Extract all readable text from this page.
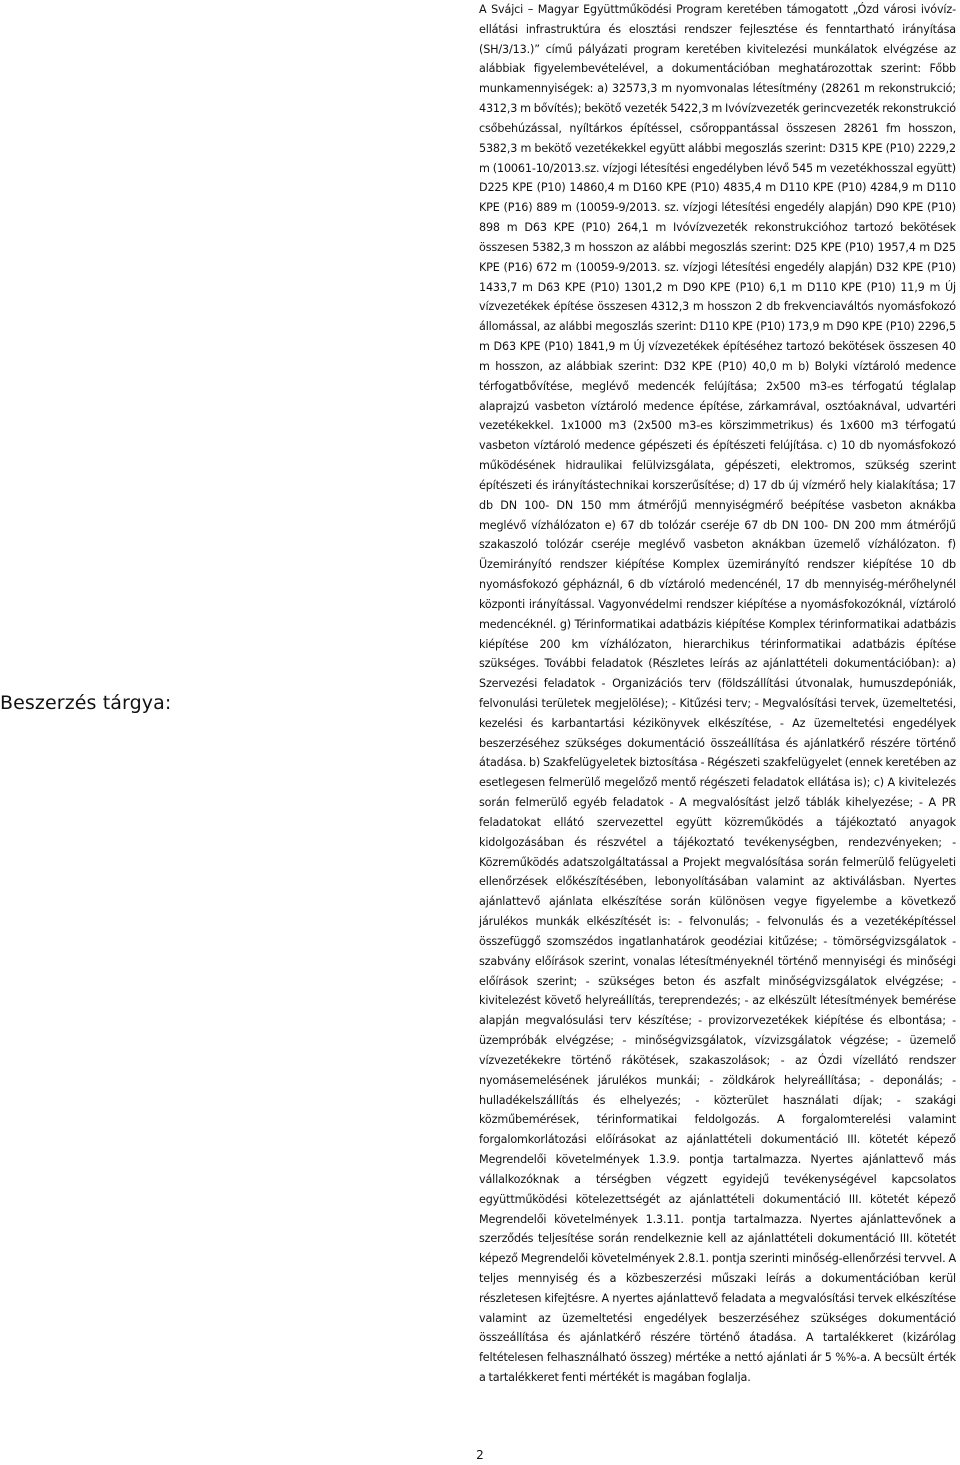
Beszerzés tárgya:

A Svájci – Magyar Együttműködési Program keretében támogatott „Ózd városi ivóvíz-ellátási infrastruktúra és elosztási rendszer fejlesztése és fenntartható irányítása (SH/3/13.)” című pályázati program keretében kivitelezési munkálatok elvégzése az alábbiak figyelembevételével, a dokumentációban meghatározottak szerint: Főbb munkamennyiségek: a) 32573,3 m nyomvonalas létesítmény (28261 m rekonstrukció; 4312,3 m bővítés); bekötő vezeték 5422,3 m Ivóvízvezeték gerincvezeték rekonstrukció csőbehúzással, nyíltárkos építéssel, csőroppantással összesen 28261 fm hosszon, 5382,3 m bekötő vezetékekkel együtt alábbi megoszlás szerint: D315 KPE (P10) 2229,2 m (10061-10/2013.sz. vízjogi létesítési engedélyben lévő 545 m vezetékhosszal együtt) D225 KPE (P10) 14860,4 m D160 KPE (P10) 4835,4 m D110 KPE (P10) 4284,9 m D110 KPE (P16) 889 m (10059-9/2013. sz. vízjogi létesítési engedély alapján) D90 KPE (P10) 898 m D63 KPE (P10) 264,1 m Ivóvízvezeték rekonstrukcióhoz tartozó bekötések összesen 5382,3 m hosszon az alábbi megoszlás szerint: D25 KPE (P10) 1957,4 m D25 KPE (P16) 672 m (10059-9/2013. sz. vízjogi létesítési engedély alapján) D32 KPE (P10) 1433,7 m D63 KPE (P10) 1301,2 m D90 KPE (P10) 6,1 m D110 KPE (P10) 11,9 m Új vízvezetékek építése összesen 4312,3 m hosszon 2 db frekvenciaváltós nyomásfokozó állomással, az alábbi megoszlás szerint: D110 KPE (P10) 173,9 m D90 KPE (P10) 2296,5 m D63 KPE (P10) 1841,9 m Új vízvezetékek építéséhez tartozó bekötések összesen 40 m hosszon, az alábbiak szerint: D32 KPE (P10) 40,0 m b) Bolyki víztároló medence térfogatbővítése, meglévő medencék felújítása; 2x500 m3-es térfogatú téglalap alaprajzú vasbeton víztároló medence építése, zárkamrával, osztóaknával, udvartéri vezetékekkel. 1x1000 m3 (2x500 m3-es körszimmetrikus) és 1x600 m3 térfogatú vasbeton víztároló medence gépészeti és építészeti felújítása. c) 10 db nyomásfokozó működésének hidraulikai felülvizsgálata, gépészeti, elektromos, szükség szerint építészeti és irányítástechnikai korszerűsítése; d) 17 db új vízmérő hely kialakítása; 17 db DN 100- DN 150 mm átmérőjű mennyiségmérő beépítése vasbeton aknákba meglévő vízhálózaton e) 67 db tolózár cseréje 67 db DN 100- DN 200 mm átmérőjű szakaszoló tolózár cseréje meglévő vasbeton aknákban üzemelő vízhálózaton. f) Üzemirányító rendszer kiépítése Komplex üzemirányító rendszer kiépítése 10 db nyomásfokozó gépháznál, 6 db víztároló medencénél, 17 db mennyiség-mérőhelynél központi irányítással. Vagyonvédelmi rendszer kiépítése a nyomásfokozóknál, víztároló medencéknél. g) Térinformatikai adatbázis kiépítése Komplex térinformatikai adatbázis kiépítése 200 km vízhálózaton, hierarchikus térinformatikai adatbázis építése szükséges. További feladatok (Részletes leírás az ajánlattételi dokumentációban): a) Szervezési feladatok - Organizációs terv (földszállítási útvonalak, humuszdepóniák, felvonulási területek megjelölése); - Kitűzési terv; - Megvalósítási tervek, üzemeltetési, kezelési és karbantartási kézikönyvek elkészítése, - Az üzemeltetési engedélyek beszerzéséhez szükséges dokumentáció összeállítása és ajánlatkérő részére történő átadása. b) Szakfelügyeletek biztosítása - Régészeti szakfelügyelet (ennek keretében az esetlegesen felmerülő megelőző mentő régészeti feladatok ellátása is); c) A kivitelezés során felmerülő egyéb feladatok - A megvalósítást jelző táblák kihelyezése; - A PR feladatokat ellátó szervezettel együtt közreműködés a tájékoztató anyagok kidolgozásában és részvétel a tájékoztató tevékenységben, rendezvényeken; - Közreműködés adatszolgáltatással a Projekt megvalósítása során felmerülő felügyeleti ellenőrzések előkészítésében, lebonyolításában valamint az aktiválásban. Nyertes ajánlattevő ajánlata elkészítése során különösen vegye figyelembe a következő járulékos munkák elkészítését is: - felvonulás; - felvonulás és a vezetéképítéssel összefüggő szomszédos ingatlanhatárok geodéziai kitűzése; - tömörségvizsgálatok - szabvány előírások szerint, vonalas létesítményeknél történő mennyiségi és minőségi előírások szerint; - szükséges beton és aszfalt minőségvizsgálatok elvégzése; - kivitelezést követő helyreállítás, tereprendezés; - az elkészült létesítmények bemérése alapján megvalósulási terv készítése; - provizorvezetékek kiépítése és elbontása; - üzempróbák elvégzése; - minőségvizsgálatok, vízvizsgálatok végzése; - üzemelő vízvezetékekre történő rákötések, szakaszolások; - az Ózdi vízellátó rendszer nyomásemelésének járulékos munkái; - zöldkárok helyreállítása; - deponálás; - hulladékelszállítás és elhelyezés; - közterület használati díjak; - szakági közműbemérések, térinformatikai feldolgozás. A forgalomterelési valamint forgalomkorlátozási előírásokat az ajánlattételi dokumentáció III. kötetét képező Megrendelői követelmények 1.3.9. pontja tartalmazza. Nyertes ajánlattevő más vállalkozóknak a térségben végzett egyidejű tevékenységével kapcsolatos együttműködési kötelezettségét az ajánlattételi dokumentáció III. kötetét képező Megrendelői követelmények 1.3.11. pontja tartalmazza. Nyertes ajánlattevőnek a szerződés teljesítése során rendelkeznie kell az ajánlattételi dokumentáció III. kötetét képező Megrendelői követelmények 2.8.1. pontja szerinti minőség-ellenőrzési tervvel. A teljes mennyiség és a közbeszerzési műszaki leírás a dokumentációban kerül részletesen kifejtésre. A nyertes ajánlattevő feladata a megvalósítási tervek elkészítése valamint az üzemeltetési engedélyek beszerzéséhez szükséges dokumentáció összeállítása és ajánlatkérő részére történő átadása. A tartalékkeret (kizárólag feltételesen felhasználható összeg) mértéke a nettó ajánlati ár 5 %%-a. A becsült érték a tartalékkeret fenti mértékét is magában foglalja.

2
